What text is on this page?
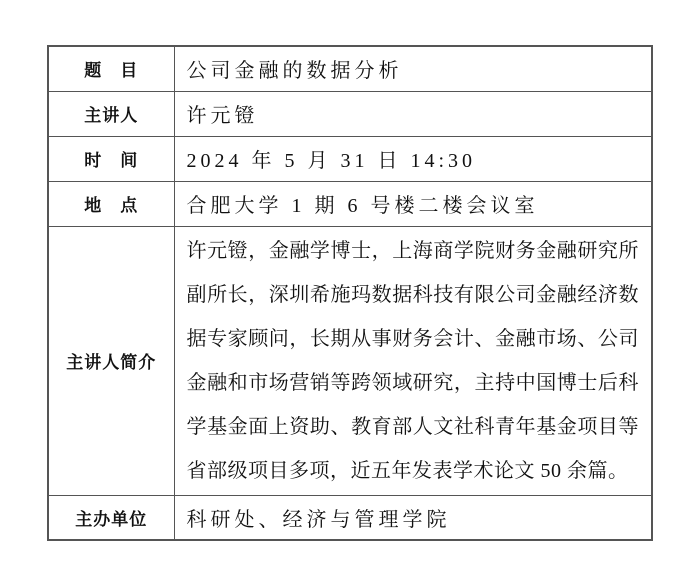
题　目	公司金融的数据分析
主讲人	许元镫
时　间	2024 年 5 月 31 日 14:30
地　点	合肥大学 1 期 6 号楼二楼会议室
主讲人简介	许元镫，金融学博士，上海商学院财务金融研究所副所长，深圳希施玛数据科技有限公司金融经济数据专家顾问，长期从事财务会计、金融市场、公司金融和市场营销等跨领域研究，主持中国博士后科学基金面上资助、教育部人文社科青年基金项目等省部级项目多项，近五年发表学术论文 50 余篇。
主办单位	科研处、经济与管理学院
